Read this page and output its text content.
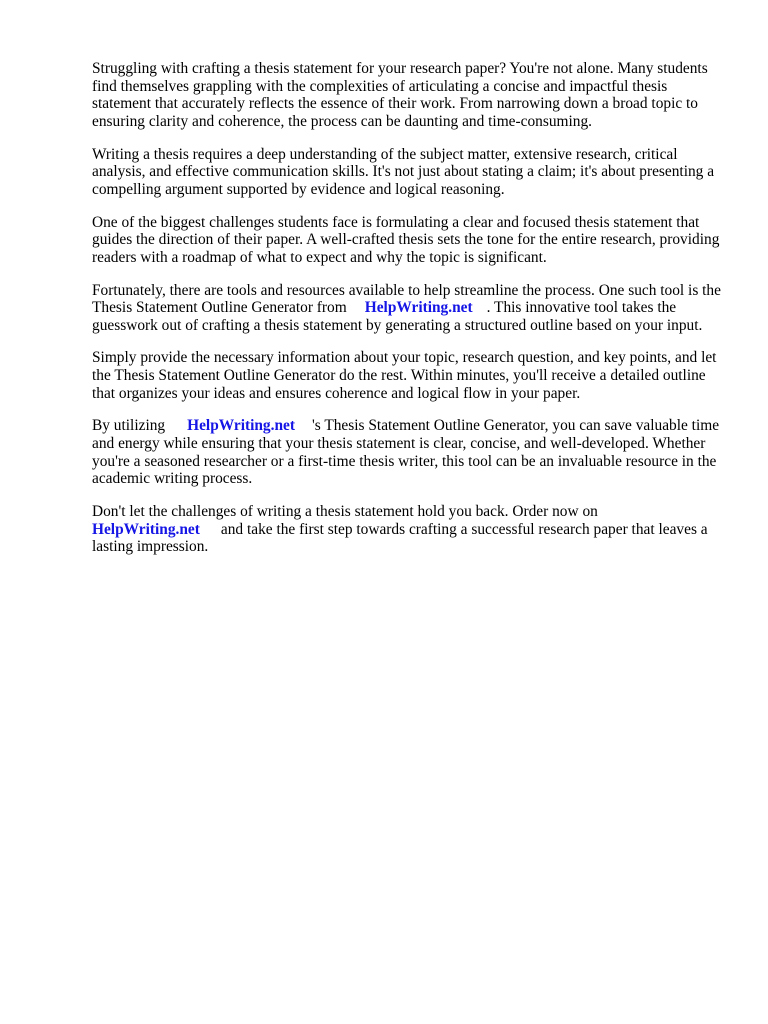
Struggling with crafting a thesis statement for your research paper? You're not alone. Many students find themselves grappling with the complexities of articulating a concise and impactful thesis statement that accurately reflects the essence of their work. From narrowing down a broad topic to ensuring clarity and coherence, the process can be daunting and time-consuming.

Writing a thesis requires a deep understanding of the subject matter, extensive research, critical analysis, and effective communication skills. It's not just about stating a claim; it's about presenting a compelling argument supported by evidence and logical reasoning.

One of the biggest challenges students face is formulating a clear and focused thesis statement that guides the direction of their paper. A well-crafted thesis sets the tone for the entire research, providing readers with a roadmap of what to expect and why the topic is significant.

Fortunately, there are tools and resources available to help streamline the process. One such tool is the Thesis Statement Outline Generator from HelpWriting.net . This innovative tool takes the guesswork out of crafting a thesis statement by generating a structured outline based on your input.

Simply provide the necessary information about your topic, research question, and key points, and let the Thesis Statement Outline Generator do the rest. Within minutes, you'll receive a detailed outline that organizes your ideas and ensures coherence and logical flow in your paper.

By utilizing HelpWriting.net 's Thesis Statement Outline Generator, you can save valuable time and energy while ensuring that your thesis statement is clear, concise, and well-developed. Whether you're a seasoned researcher or a first-time thesis writer, this tool can be an invaluable resource in the academic writing process.

Don't let the challenges of writing a thesis statement hold you back. Order now on
HelpWriting.net and take the first step towards crafting a successful research paper that leaves a lasting impression.
